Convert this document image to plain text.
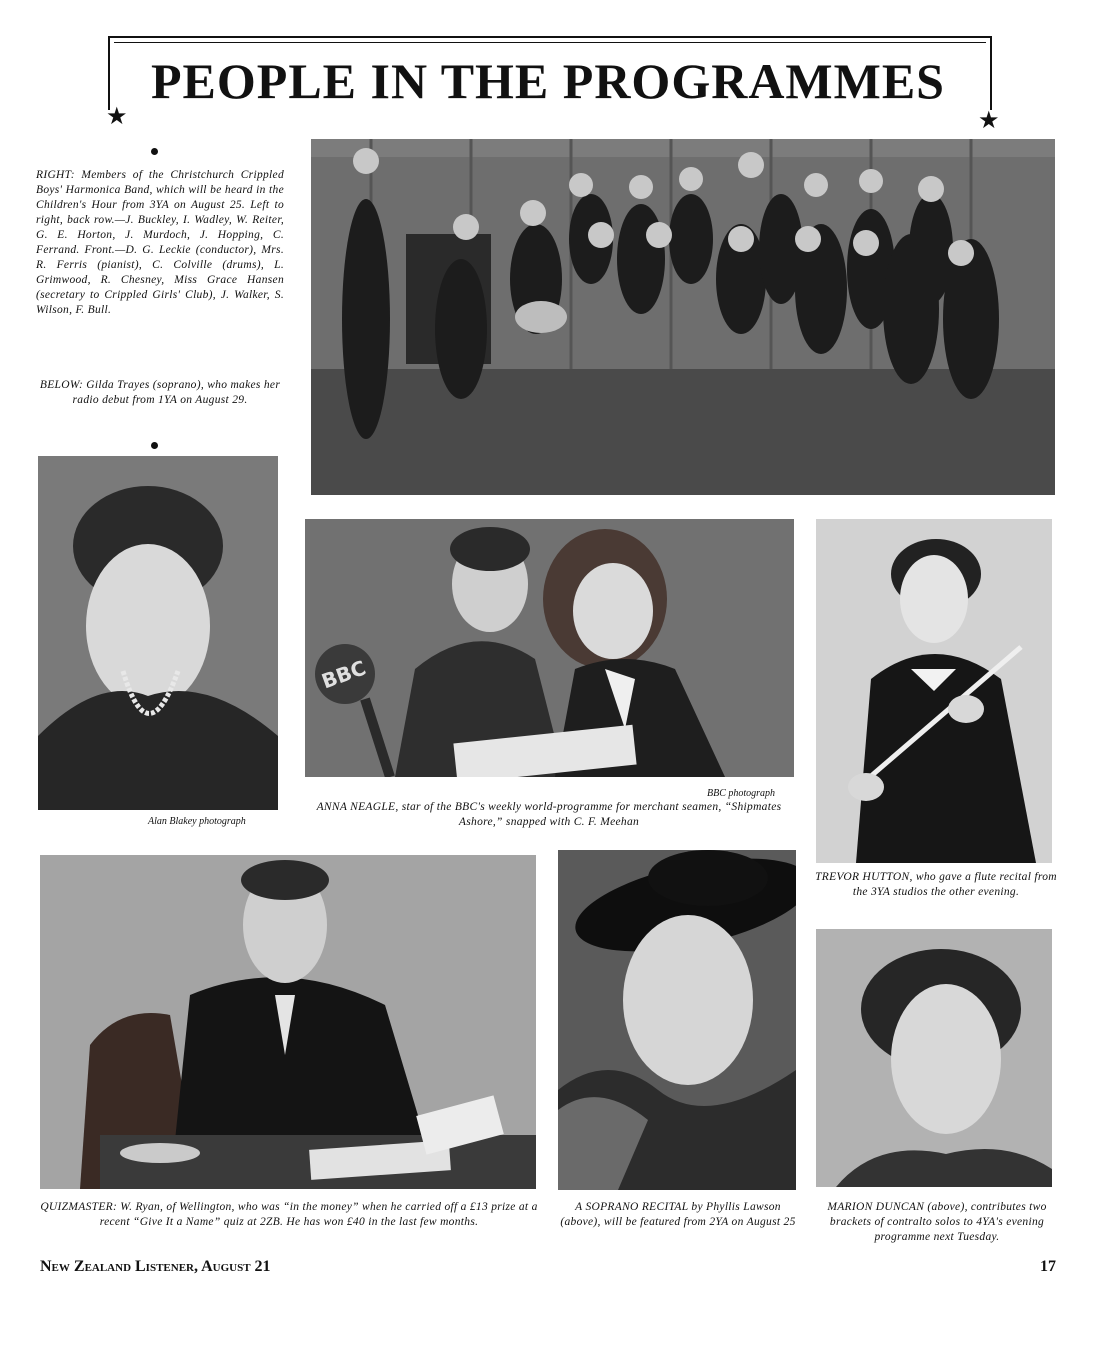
PEOPLE IN THE PROGRAMMES
★	★
RIGHT: Members of the Christchurch Crippled Boys' Harmonica Band, which will be heard in the Children's Hour from 3YA on August 25. Left to right, back row.—J. Buckley, I. Wadley, W. Reiter, G. E. Horton, J. Murdoch, J. Hopping, C. Ferrand. Front.—D. G. Leckie (conductor), Mrs. R. Ferris (pianist), C. Colville (drums), L. Grimwood, R. Chesney, Miss Grace Hansen (secretary to Crippled Girls' Club), J. Walker, S. Wilson, F. Bull.
BELOW: Gilda Trayes (soprano), who makes her radio debut from 1YA on August 29.
Alan Blakey photograph
BBC
BBC photograph
ANNA NEAGLE, star of the BBC's weekly world-programme for merchant seamen, “Shipmates Ashore,” snapped with C. F. Meehan
TREVOR HUTTON, who gave a flute recital from the 3YA studios the other evening.
QUIZMASTER: W. Ryan, of Wellington, who was “in the money” when he carried off a £13 prize at a recent “Give It a Name” quiz at 2ZB. He has won £40 in the last few months.
A SOPRANO RECITAL by Phyllis Lawson (above), will be featured from 2YA on August 25
MARION DUNCAN (above), contributes two brackets of contralto solos to 4YA's evening programme next Tuesday.
New Zealand Listener, August 21	17
